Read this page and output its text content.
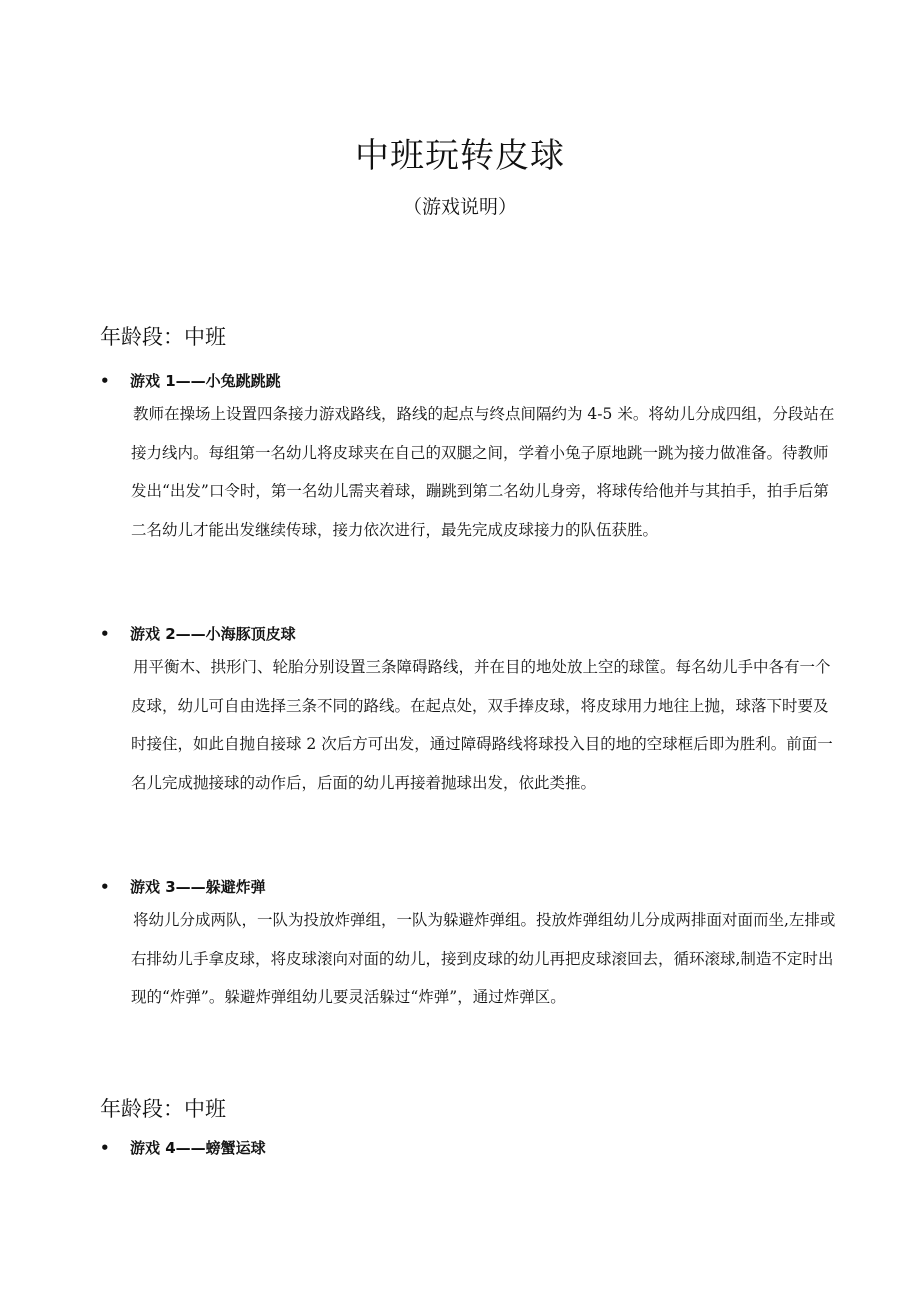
中班玩转皮球
（游戏说明）
年龄段：中班
• 游戏 1——小兔跳跳跳

教师在操场上设置四条接力游戏路线，路线的起点与终点间隔约为 4-5 米。将幼儿分成四组，分段站在接力线内。每组第一名幼儿将皮球夹在自己的双腿之间，学着小兔子原地跳一跳为接力做准备。待教师发出“出发”口令时，第一名幼儿需夹着球，蹦跳到第二名幼儿身旁，将球传给他并与其拍手，拍手后第二名幼儿才能出发继续传球，接力依次进行，最先完成皮球接力的队伍获胜。

• 游戏 2——小海豚顶皮球

用平衡木、拱形门、轮胎分别设置三条障碍路线，并在目的地处放上空的球筐。每名幼儿手中各有一个皮球，幼儿可自由选择三条不同的路线。在起点处，双手捧皮球，将皮球用力地往上抛，球落下时要及时接住，如此自抛自接球 2 次后方可出发，通过障碍路线将球投入目的地的空球框后即为胜利。前面一名儿完成抛接球的动作后，后面的幼儿再接着抛球出发，依此类推。

• 游戏 3——躲避炸弹

将幼儿分成两队，一队为投放炸弹组，一队为躲避炸弹组。投放炸弹组幼儿分成两排面对面而坐,左排或右排幼儿手拿皮球，将皮球滚向对面的幼儿，接到皮球的幼儿再把皮球滚回去，循环滚球,制造不定时出现的“炸弹”。躲避炸弹组幼儿要灵活躲过“炸弹”，通过炸弹区。

年龄段：中班
• 游戏 4——螃蟹运球
